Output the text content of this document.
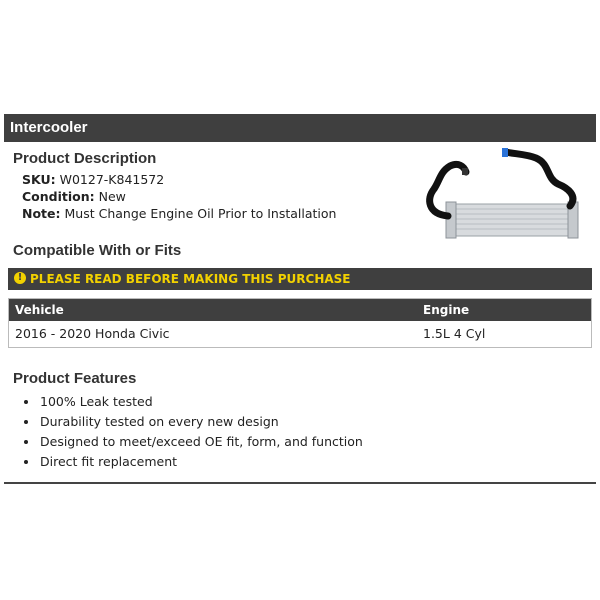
Intercooler
Product Description
SKU: W0127-K841572
Condition: New
Note: Must Change Engine Oil Prior to Installation
Compatible With or Fits
! PLEASE READ BEFORE MAKING THIS PURCHASE
Vehicle	Engine
2016 - 2020 Honda Civic	1.5L 4 Cyl
Product Features
100% Leak tested
Durability tested on every new design
Designed to meet/exceed OE fit, form, and function
Direct fit replacement
